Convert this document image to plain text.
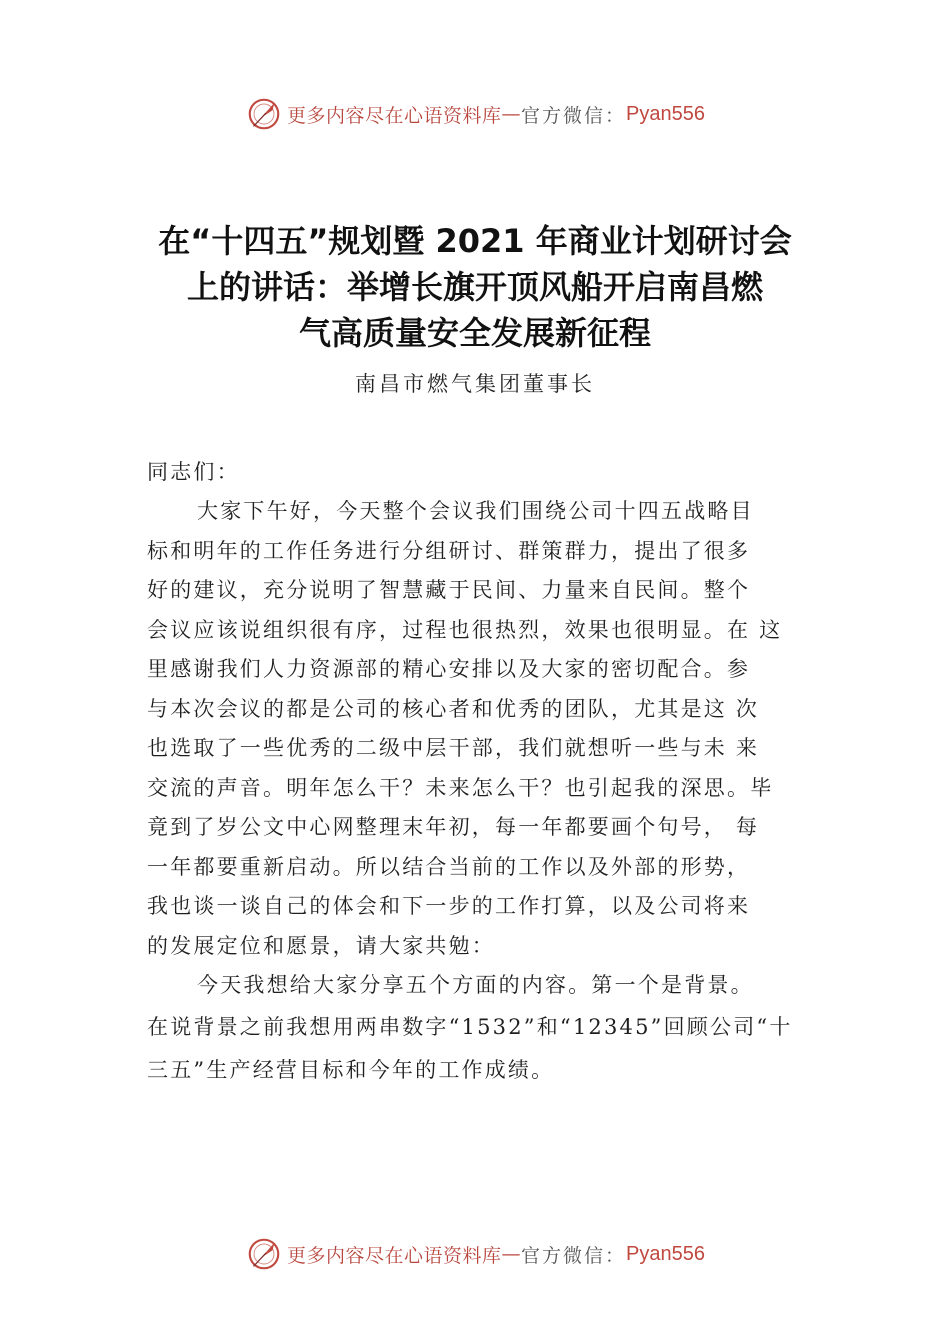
更多内容尽在心语资料库 — 官方微信： Pyan556
在“十四五”规划暨 2021 年商业计划研讨会
上的讲话：举增长旗开顶风船开启南昌燃
气高质量安全发展新征程
南昌市燃气集团董事长
同志们：
大家下午好，今天整个会议我们围绕公司十四五战略目
标和明年的工作任务进行分组研讨、群策群力，提出了很多
好的建议，充分说明了智慧藏于民间、力量来自民间。整个
会议应该说组织很有序，过程也很热烈，效果也很明显。在 这
里感谢我们人力资源部的精心安排以及大家的密切配合。参
与本次会议的都是公司的核心者和优秀的团队，尤其是这 次
也选取了一些优秀的二级中层干部，我们就想听一些与未 来
交流的声音。明年怎么干？未来怎么干？也引起我的深思。毕
竟到了岁公文中心网整理末年初，每一年都要画个句号， 每
一年都要重新启动。所以结合当前的工作以及外部的形势，
我也谈一谈自己的体会和下一步的工作打算，以及公司将来
的发展定位和愿景，请大家共勉：
今天我想给大家分享五个方面的内容。第一个是背景。
在说背景之前我想用两串数字“1532”和“12345”回顾公司“十
三五”生产经营目标和今年的工作成绩。
更多内容尽在心语资料库 — 官方微信： Pyan556
